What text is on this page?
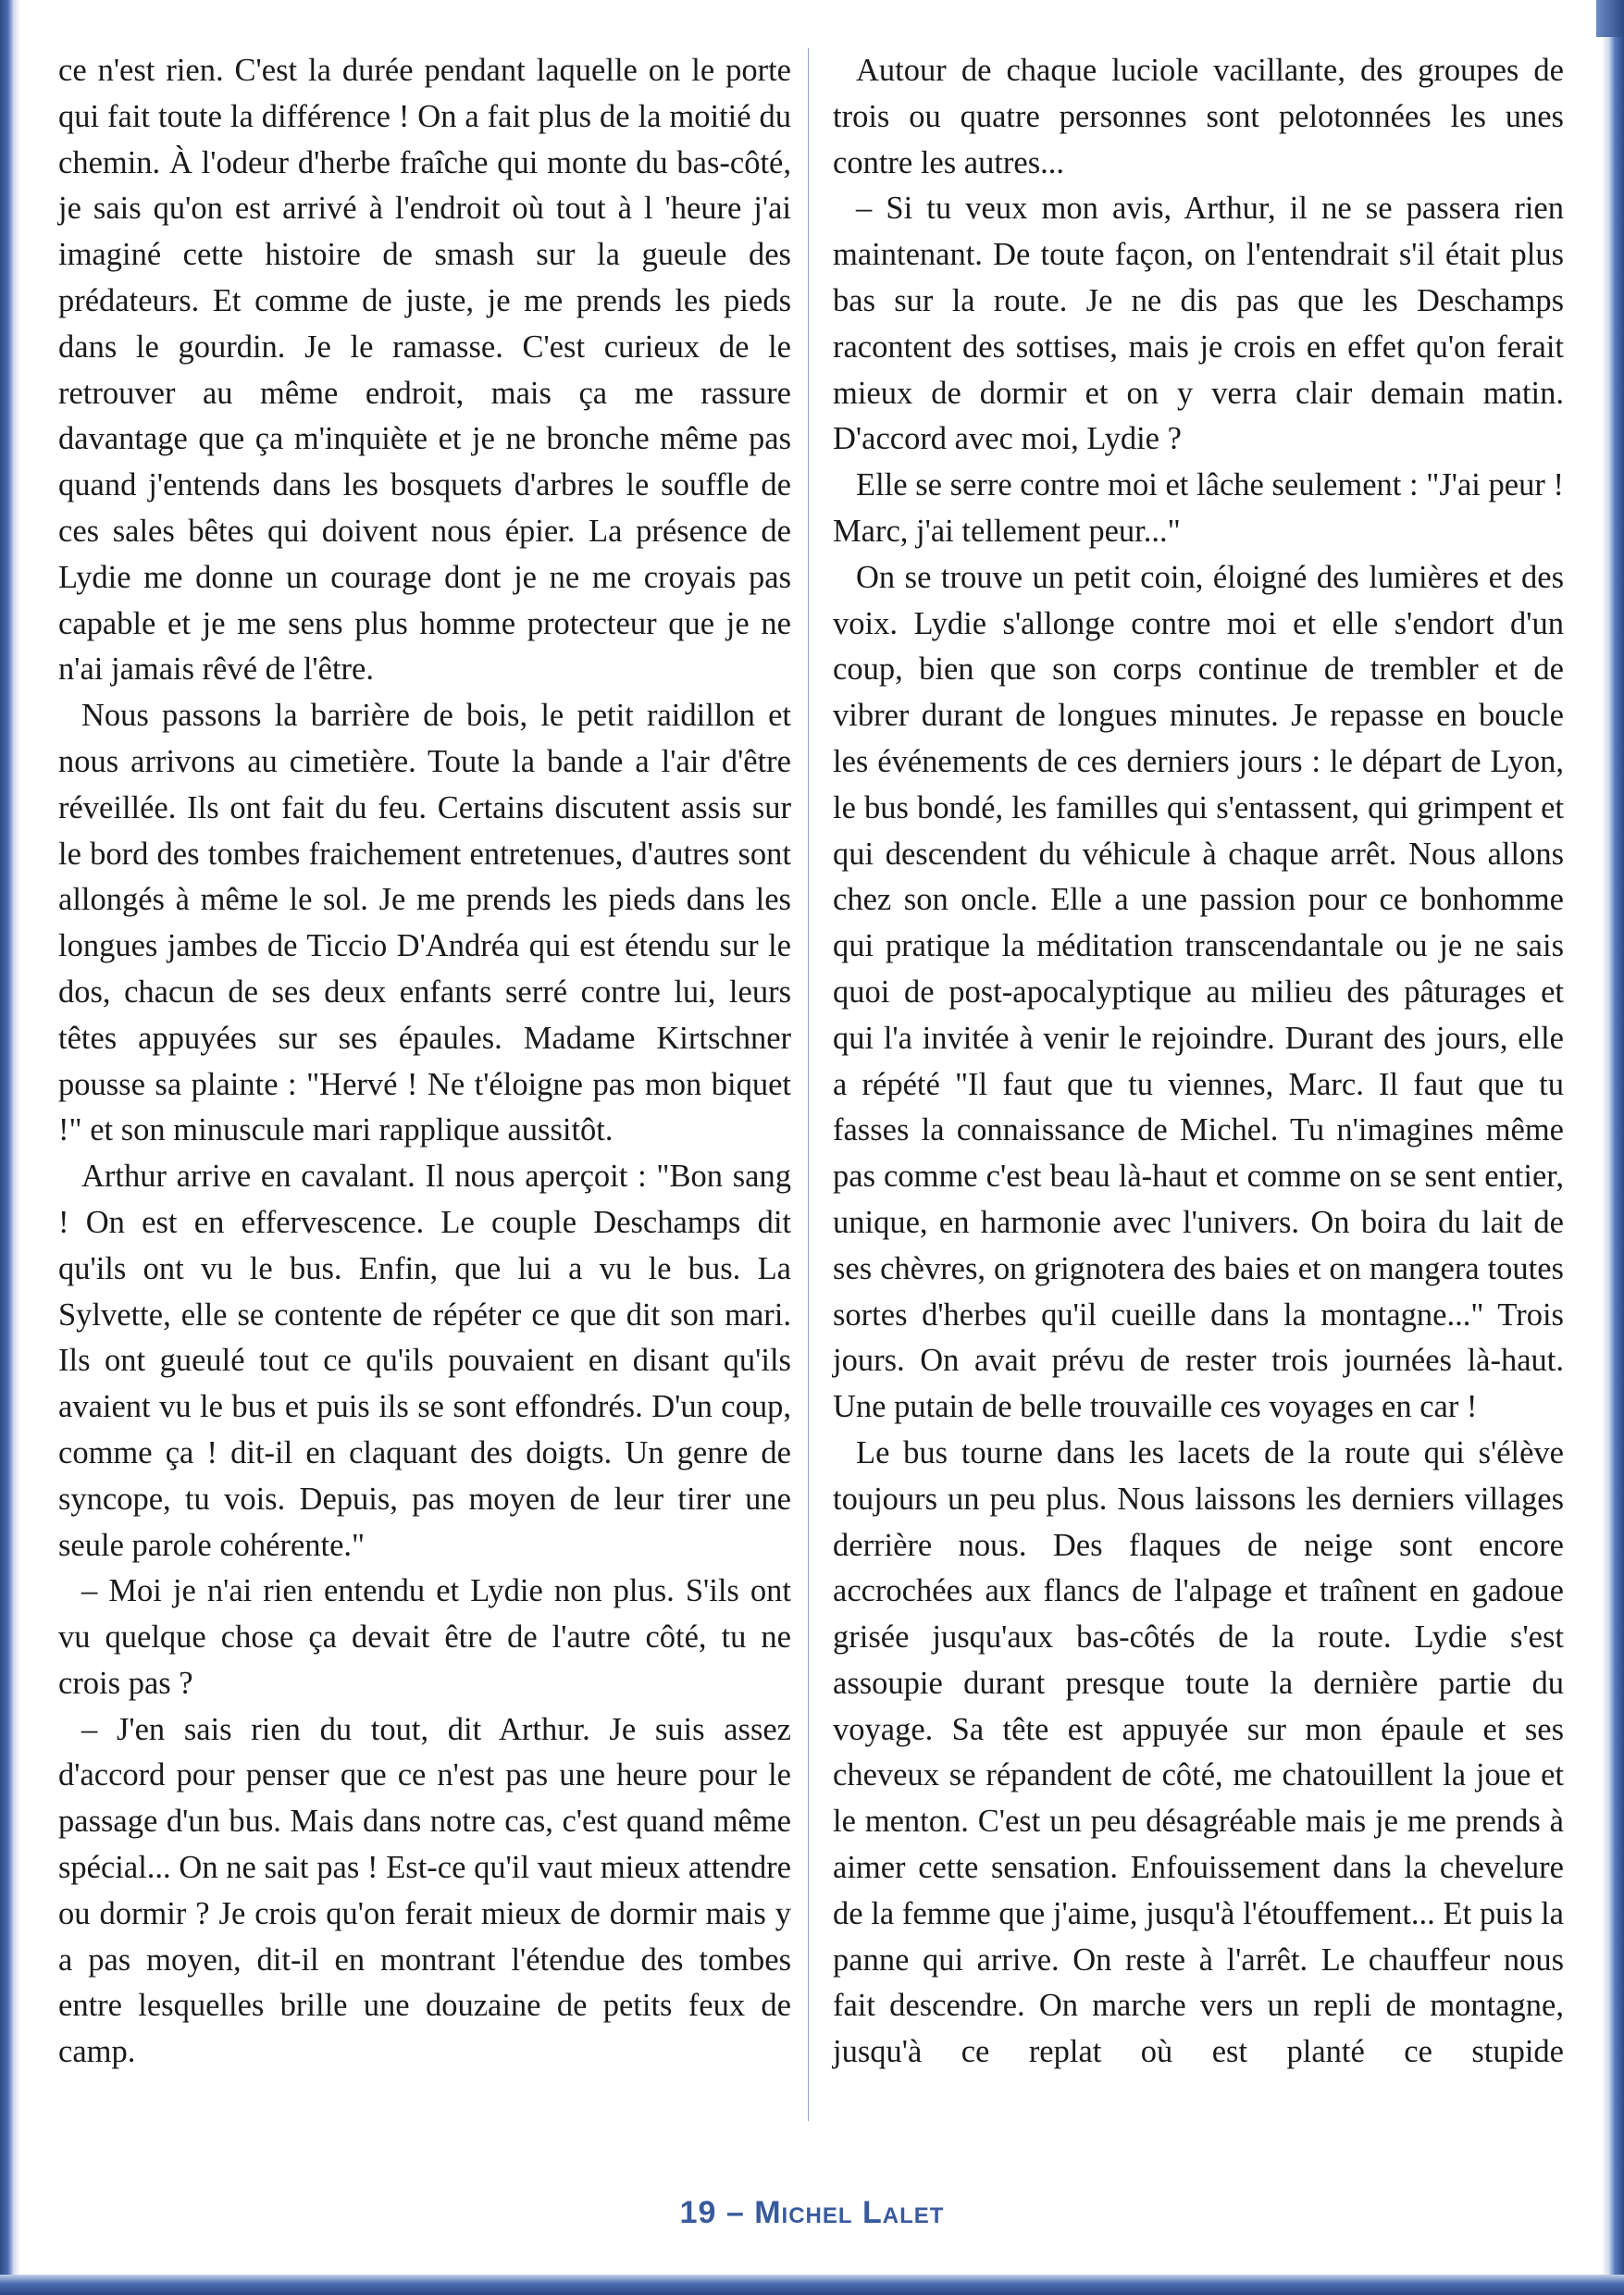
ce n'est rien. C'est la durée pendant laquelle on le porte qui fait toute la différence ! On a fait plus de la moitié du chemin. À l'odeur d'herbe fraîche qui monte du bas-côté, je sais qu'on est arrivé à l'endroit où tout à l 'heure j'ai imaginé cette histoire de smash sur la gueule des prédateurs. Et comme de juste, je me prends les pieds dans le gourdin. Je le ramasse. C'est curieux de le retrouver au même endroit, mais ça me rassure davantage que ça m'inquiète et je ne bronche même pas quand j'entends dans les bosquets d'arbres le souffle de ces sales bêtes qui doivent nous épier. La présence de Lydie me donne un courage dont je ne me croyais pas capable et je me sens plus homme protecteur que je ne n'ai jamais rêvé de l'être.

Nous passons la barrière de bois, le petit raidillon et nous arrivons au cimetière. Toute la bande a l'air d'être réveillée. Ils ont fait du feu. Certains discutent assis sur le bord des tombes fraichement entretenues, d'autres sont allongés à même le sol. Je me prends les pieds dans les longues jambes de Ticcio D'Andréa qui est étendu sur le dos, chacun de ses deux enfants serré contre lui, leurs têtes appuyées sur ses épaules. Madame Kirtschner pousse sa plainte : "Hervé ! Ne t'éloigne pas mon biquet !" et son minuscule mari rapplique aussitôt.

Arthur arrive en cavalant. Il nous aperçoit : "Bon sang ! On est en effervescence. Le couple Deschamps dit qu'ils ont vu le bus. Enfin, que lui a vu le bus. La Sylvette, elle se contente de répéter ce que dit son mari. Ils ont gueulé tout ce qu'ils pouvaient en disant qu'ils avaient vu le bus et puis ils se sont effondrés. D'un coup, comme ça ! dit-il en claquant des doigts. Un genre de syncope, tu vois. Depuis, pas moyen de leur tirer une seule parole cohérente."

– Moi je n'ai rien entendu et Lydie non plus. S'ils ont vu quelque chose ça devait être de l'autre côté, tu ne crois pas ?

– J'en sais rien du tout, dit Arthur. Je suis assez d'accord pour penser que ce n'est pas une heure pour le passage d'un bus. Mais dans notre cas, c'est quand même spécial... On ne sait pas ! Est-ce qu'il vaut mieux attendre ou dormir ? Je crois qu'on ferait mieux de dormir mais y a pas moyen, dit-il en montrant l'étendue des tombes entre lesquelles brille une douzaine de petits feux de camp.

Autour de chaque luciole vacillante, des groupes de trois ou quatre personnes sont pelotonnées les unes contre les autres...

– Si tu veux mon avis, Arthur, il ne se passera rien maintenant. De toute façon, on l'entendrait s'il était plus bas sur la route. Je ne dis pas que les Deschamps racontent des sottises, mais je crois en effet qu'on ferait mieux de dormir et on y verra clair demain matin. D'accord avec moi, Lydie ?

Elle se serre contre moi et lâche seulement : "J'ai peur ! Marc, j'ai tellement peur..."

On se trouve un petit coin, éloigné des lumières et des voix. Lydie s'allonge contre moi et elle s'endort d'un coup, bien que son corps continue de trembler et de vibrer durant de longues minutes. Je repasse en boucle les événements de ces derniers jours : le départ de Lyon, le bus bondé, les familles qui s'entassent, qui grimpent et qui descendent du véhicule à chaque arrêt. Nous allons chez son oncle. Elle a une passion pour ce bonhomme qui pratique la méditation transcendantale ou je ne sais quoi de post-apocalyptique au milieu des pâturages et qui l'a invitée à venir le rejoindre. Durant des jours, elle a répété "Il faut que tu viennes, Marc. Il faut que tu fasses la connaissance de Michel. Tu n'imagines même pas comme c'est beau là-haut et comme on se sent entier, unique, en harmonie avec l'univers. On boira du lait de ses chèvres, on grignotera des baies et on mangera toutes sortes d'herbes qu'il cueille dans la montagne..." Trois jours. On avait prévu de rester trois journées là-haut. Une putain de belle trouvaille ces voyages en car !

Le bus tourne dans les lacets de la route qui s'élève toujours un peu plus. Nous laissons les derniers villages derrière nous. Des flaques de neige sont encore accrochées aux flancs de l'alpage et traînent en gadoue grisée jusqu'aux bas-côtés de la route. Lydie s'est assoupie durant presque toute la dernière partie du voyage. Sa tête est appuyée sur mon épaule et ses cheveux se répandent de côté, me chatouillent la joue et le menton. C'est un peu désagréable mais je me prends à aimer cette sensation. Enfouissement dans la chevelure de la femme que j'aime, jusqu'à l'étouffement... Et puis la panne qui arrive. On reste à l'arrêt. Le chauffeur nous fait descendre. On marche vers un repli de montagne, jusqu'à ce replat où est planté ce stupide

19 – Michel Lalet
